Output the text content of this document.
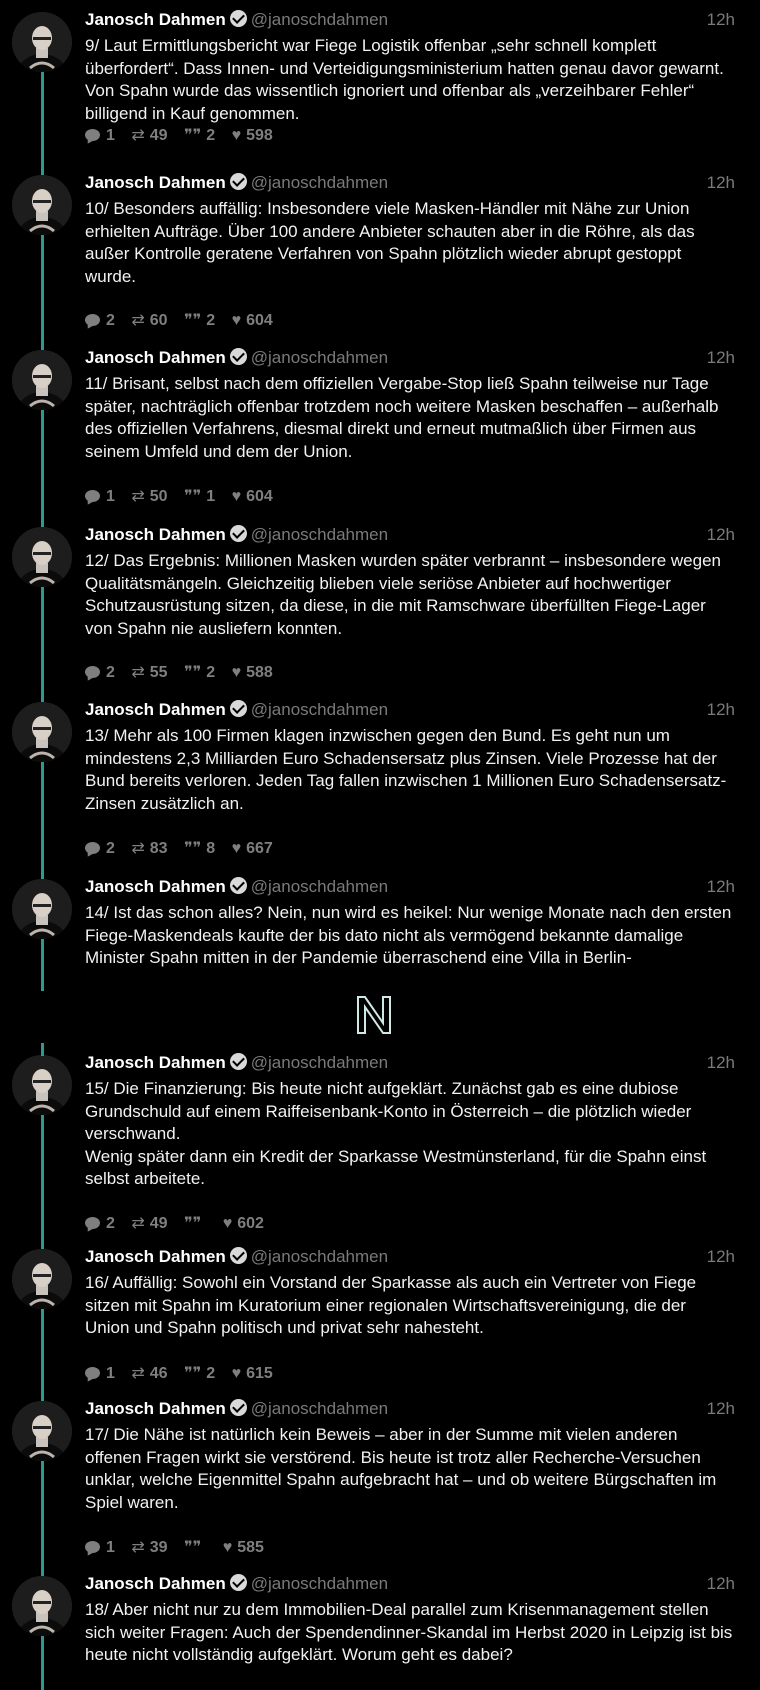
Janosch Dahmen @janoschdahmen	12h
9/ Laut Ermittlungsbericht war Fiege Logistik offenbar „sehr schnell komplett überfordert“. Dass Innen- und Verteidigungsministerium hatten genau davor gewarnt. Von Spahn wurde das wissentlich ignoriert und offenbar als „verzeihbarer Fehler“ billigend in Kauf genommen.
1 ⇄ 49 ❞❞ 2 ♥ 598
Janosch Dahmen @janoschdahmen	12h
10/ Besonders auffällig: Insbesondere viele Masken-Händler mit Nähe zur Union erhielten Aufträge. Über 100 andere Anbieter schauten aber in die Röhre, als das außer Kontrolle geratene Verfahren von Spahn plötzlich wieder abrupt gestoppt wurde.
2 ⇄ 60 ❞❞ 2 ♥ 604
Janosch Dahmen @janoschdahmen	12h
11/ Brisant, selbst nach dem offiziellen Vergabe-Stop ließ Spahn teilweise nur Tage später, nachträglich offenbar trotzdem noch weitere Masken beschaffen – außerhalb des offiziellen Verfahrens, diesmal direkt und erneut mutmaßlich über Firmen aus seinem Umfeld und dem der Union.
1 ⇄ 50 ❞❞ 1 ♥ 604
Janosch Dahmen @janoschdahmen	12h
12/ Das Ergebnis: Millionen Masken wurden später verbrannt – insbesondere wegen Qualitätsmängeln. Gleichzeitig blieben viele seriöse Anbieter auf hochwertiger Schutzausrüstung sitzen, da diese, in die mit Ramschware überfüllten Fiege-Lager von Spahn nie ausliefern konnten.
2 ⇄ 55 ❞❞ 2 ♥ 588
Janosch Dahmen @janoschdahmen	12h
13/ Mehr als 100 Firmen klagen inzwischen gegen den Bund. Es geht nun um mindestens 2,3 Milliarden Euro Schadensersatz plus Zinsen. Viele Prozesse hat der Bund bereits verloren. Jeden Tag fallen inzwischen 1 Millionen Euro Schadensersatz-Zinsen zusätzlich an.
2 ⇄ 83 ❞❞ 8 ♥ 667
Janosch Dahmen @janoschdahmen	12h
14/ Ist das schon alles? Nein, nun wird es heikel: Nur wenige Monate nach den ersten Fiege-Maskendeals kaufte der bis dato nicht als vermögend bekannte damalige Minister Spahn mitten in der Pandemie überraschend eine Villa in Berlin-
Janosch Dahmen @janoschdahmen	12h
15/ Die Finanzierung: Bis heute nicht aufgeklärt. Zunächst gab es eine dubiose Grundschuld auf einem Raiffeisenbank-Konto in Österreich – die plötzlich wieder verschwand.
Wenig später dann ein Kredit der Sparkasse Westmünsterland, für die Spahn einst selbst arbeitete.
2 ⇄ 49 ❞❞ ♥ 602
Janosch Dahmen @janoschdahmen	12h
16/ Auffällig: Sowohl ein Vorstand der Sparkasse als auch ein Vertreter von Fiege sitzen mit Spahn im Kuratorium einer regionalen Wirtschaftsvereinigung, die der Union und Spahn politisch und privat sehr nahesteht.
1 ⇄ 46 ❞❞ 2 ♥ 615
Janosch Dahmen @janoschdahmen	12h
17/ Die Nähe ist natürlich kein Beweis – aber in der Summe mit vielen anderen offenen Fragen wirkt sie verstörend. Bis heute ist trotz aller Recherche-Versuchen unklar, welche Eigenmittel Spahn aufgebracht hat – und ob weitere Bürgschaften im Spiel waren.
1 ⇄ 39 ❞❞ ♥ 585
Janosch Dahmen @janoschdahmen	12h
18/ Aber nicht nur zu dem Immobilien-Deal parallel zum Krisenmanagement stellen sich weiter Fragen: Auch der Spendendinner-Skandal im Herbst 2020 in Leipzig ist bis heute nicht vollständig aufgeklärt. Worum geht es dabei?
